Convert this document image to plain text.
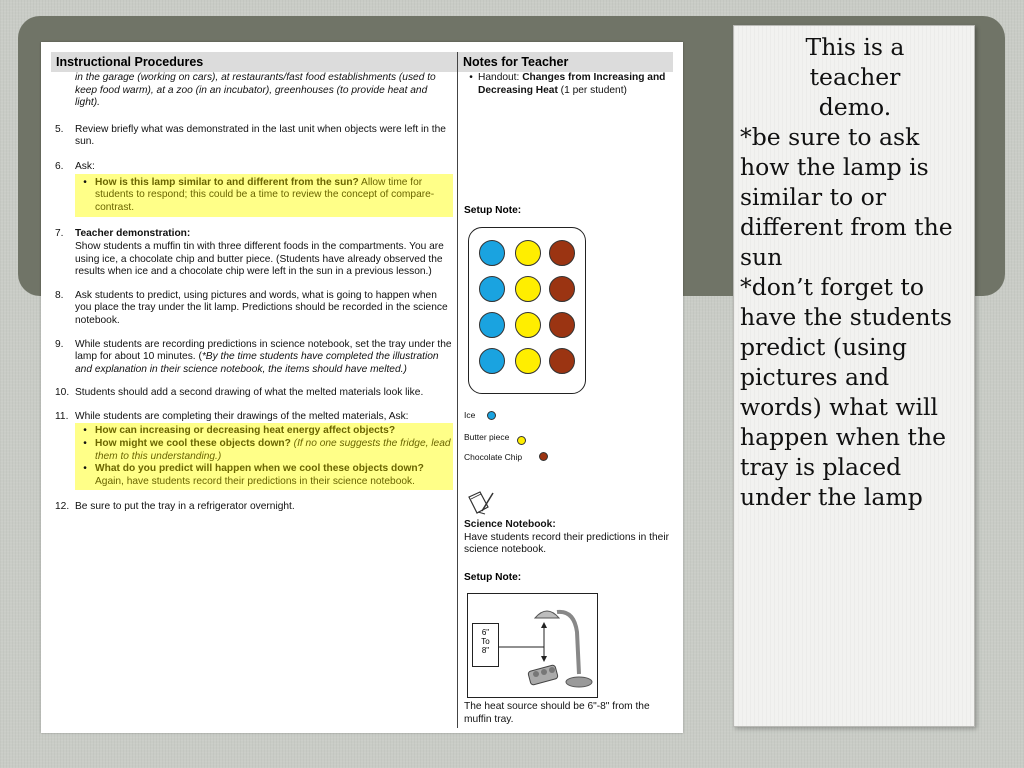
Instructional Procedures	Notes for Teacher
in the garage (working on cars), at restaurants/fast food establishments (used to keep food warm), at a zoo (in an incubator), greenhouses (to provide heat and light).
5.	Review briefly what was demonstrated in the last unit when objects were left in the sun.
6.	Ask:
• How is this lamp similar to and different from the sun? Allow time for students to respond; this could be a time to review the concept of compare- contrast.
7.	Teacher demonstration:
Show students a muffin tin with three different foods in the compartments. You are using ice, a chocolate chip and butter piece. (Students have already observed the results when ice and a chocolate chip were left in the sun in a previous lesson.)
8.	Ask students to predict, using pictures and words, what is going to happen when you place the tray under the lit lamp. Predictions should be recorded in the science notebook.
9.	While students are recording predictions in science notebook, set the tray under the lamp for about 10 minutes. (*By the time students have completed the illustration and explanation in their science notebook, the items should have melted.)
10. Students should add a second drawing of what the melted materials look like.
11. While students are completing their drawings of the melted materials, Ask:
• How can increasing or decreasing heat energy affect objects?
• How might we cool these objects down? (If no one suggests the fridge, lead them to this understanding.)
• What do you predict will happen when we cool these objects down?
Again, have students record their predictions in their science notebook.
12. Be sure to put the tray in a refrigerator overnight.
• Handout: Changes from Increasing and Decreasing Heat (1 per student)
Setup Note:
Ice
Butter piece
Chocolate Chip
Science Notebook:
Have students record their predictions in their science notebook.
Setup Note:
6"
To
8"
The heat source should be 6"-8" from the muffin tray.
This is a teacher demo.
*be sure to ask how the lamp is similar to or different from the sun
*don’t forget to have the students predict (using pictures and words) what will happen when the tray is placed under the lamp
